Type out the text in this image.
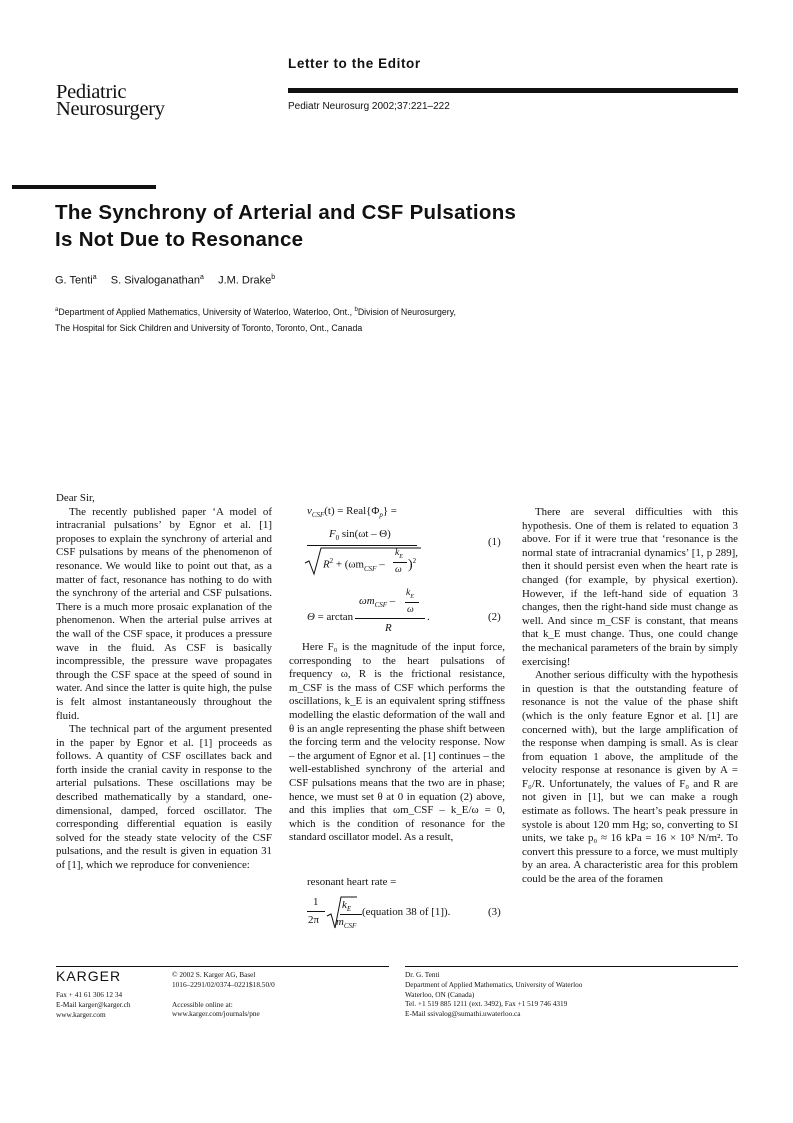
Letter to the Editor
Pediatric
Neurosurgery	Pediatr Neurosurg 2002;37:221–222
The Synchrony of Arterial and CSF Pulsations
Is Not Due to Resonance
G. Tenti$^a$ S. Sivaloganathan$^a$ J.M. Drake$^b$
$^a$Department of Applied Mathematics, University of Waterloo, Waterloo, Ont., $^b$Division of Neurosurgery,
The Hospital for Sick Children and University of Toronto, Toronto, Ont., Canada

Dear Sir,

The recently published paper ‘A model of intracranial pulsations’ by Egnor et al. [1] proposes to explain the synchrony of arterial and CSF pulsations by means of the phenomenon of resonance. We would like to point out that, as a matter of fact, resonance has nothing to do with the synchrony of the arterial and CSF pulsations. There is a much more prosaic explanation of the phenomenon. When the arterial pulse arrives at the wall of the CSF space, it produces a pressure wave in the fluid. As CSF is basically incompressible, the pressure wave propagates through the CSF space at the speed of sound in water. And since the latter is quite high, the pulse is felt almost instantaneously throughout the fluid.

The technical part of the argument presented in the paper by Egnor et al. [1] proceeds as follows. A quantity of CSF oscillates back and forth inside the cranial cavity in response to the arterial pulsations. These oscillations may be described mathematically by a standard, one-dimensional, damped, forced oscillator. The corresponding differential equation is easily solved for the steady state velocity of the CSF pulsations, and the result is given in equation 31 of [1], which we reproduce for convenience:

$v_{CSF}(t)$ = $Real\{\Phi_p\}$ =
$F_0$ sin(ωt – Θ)
$R^2 + (\omega m_{CSF}$ –
$k_E$
ω )$^2$
(1)
$k_E$
$\omega m_{CSF}$ –
ω
Θ = arctan
R
.	(2)

Here F₀ is the magnitude of the input force, corresponding to the heart pulsations of frequency ω, R is the frictional resistance, m_CSF is the mass of CSF which performs the oscillations, k_E is an equivalent spring stiffness modelling the elastic deformation of the wall and θ is an angle representing the phase shift between the forcing term and the velocity response. Now – the argument of Egnor et al. [1] continues – the well-established synchrony of the arterial and CSF pulsations means that the two are in phase; hence, we must set θ at 0 in equation (2) above, and this implies that ωm_CSF – k_E/ω = 0, which is the condition of resonance for the standard oscillator model. As a result,

resonant heart rate =
1
2π
$k_E$
$m_{CSF}$
(equation 38 of [1]).	(3)

There are several difficulties with this hypothesis. One of them is related to equation 3 above. For if it were true that ‘resonance is the normal state of intracranial dynamics’ [1, p 289], then it should persist even when the heart rate is changed (for example, by physical exertion). However, if the left-hand side of equation 3 changes, then the right-hand side must change as well. And since m_CSF is constant, that means that k_E must change. Thus, one could change the mechanical parameters of the brain by simply exercising!

Another serious difficulty with the hypothesis in question is that the outstanding feature of resonance is not the value of the phase shift (which is the only feature Egnor et al. [1] are concerned with), but the large amplification of the response when damping is small. As is clear from equation 1 above, the amplitude of the velocity response at resonance is given by A = F₀/R. Unfortunately, the values of F₀ and R are not given in [1], but we can make a rough estimate as follows. The heart’s peak pressure in systole is about 120 mm Hg; so, converting to SI units, we take p₀ ≈ 16 kPa = 16 × 10³ N/m². To convert this pressure to a force, we must multiply by an area. A characteristic area for this problem could be the area of the foramen

KARGER
Fax + 41 61 306 12 34
E-Mail karger@karger.ch
www.karger.com
© 2002 S. Karger AG, Basel
1016–2291/02/0374–0221$18.50/0
Accessible online at:
www.karger.com/journals/pne
Dr. G. Tenti
Department of Applied Mathematics, University of Waterloo
Waterloo, ON (Canada)
Tel. +1 519 885 1211 (ext. 3492), Fax +1 519 746 4319
E-Mail ssivalog@sumathi.uwaterloo.ca
